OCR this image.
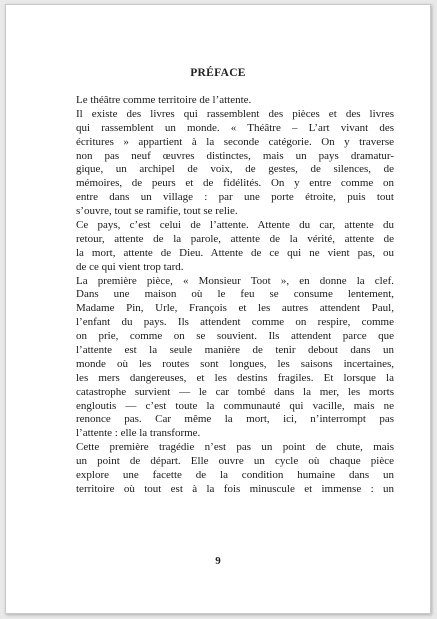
PRÉFACE
Le théâtre comme territoire de l’attente.
Il existe des livres qui rassemblent des pièces et des livres
qui rassemblent un monde. « Théâtre – L’art vivant des
écritures » appartient à la seconde catégorie. On y traverse
non pas neuf œuvres distinctes, mais un pays dramatur-
gique, un archipel de voix, de gestes, de silences, de
mémoires, de peurs et de fidélités. On y entre comme on
entre dans un village : par une porte étroite, puis tout
s’ouvre, tout se ramifie, tout se relie.
Ce pays, c’est celui de l’attente. Attente du car, attente du
retour, attente de la parole, attente de la vérité, attente de
la mort, attente de Dieu. Attente de ce qui ne vient pas, ou
de ce qui vient trop tard.
La première pièce, « Monsieur Toot », en donne la clef.
Dans une maison où le feu se consume lentement,
Madame Pin, Urle, François et les autres attendent Paul,
l’enfant du pays. Ils attendent comme on respire, comme
on prie, comme on se souvient. Ils attendent parce que
l’attente est la seule manière de tenir debout dans un
monde où les routes sont longues, les saisons incertaines,
les mers dangereuses, et les destins fragiles. Et lorsque la
catastrophe survient — le car tombé dans la mer, les morts
engloutis — c’est toute la communauté qui vacille, mais ne
renonce pas. Car même la mort, ici, n’interrompt pas
l’attente : elle la transforme.
Cette première tragédie n’est pas un point de chute, mais
un point de départ. Elle ouvre un cycle où chaque pièce
explore une facette de la condition humaine dans un
territoire où tout est à la fois minuscule et immense : un
9
